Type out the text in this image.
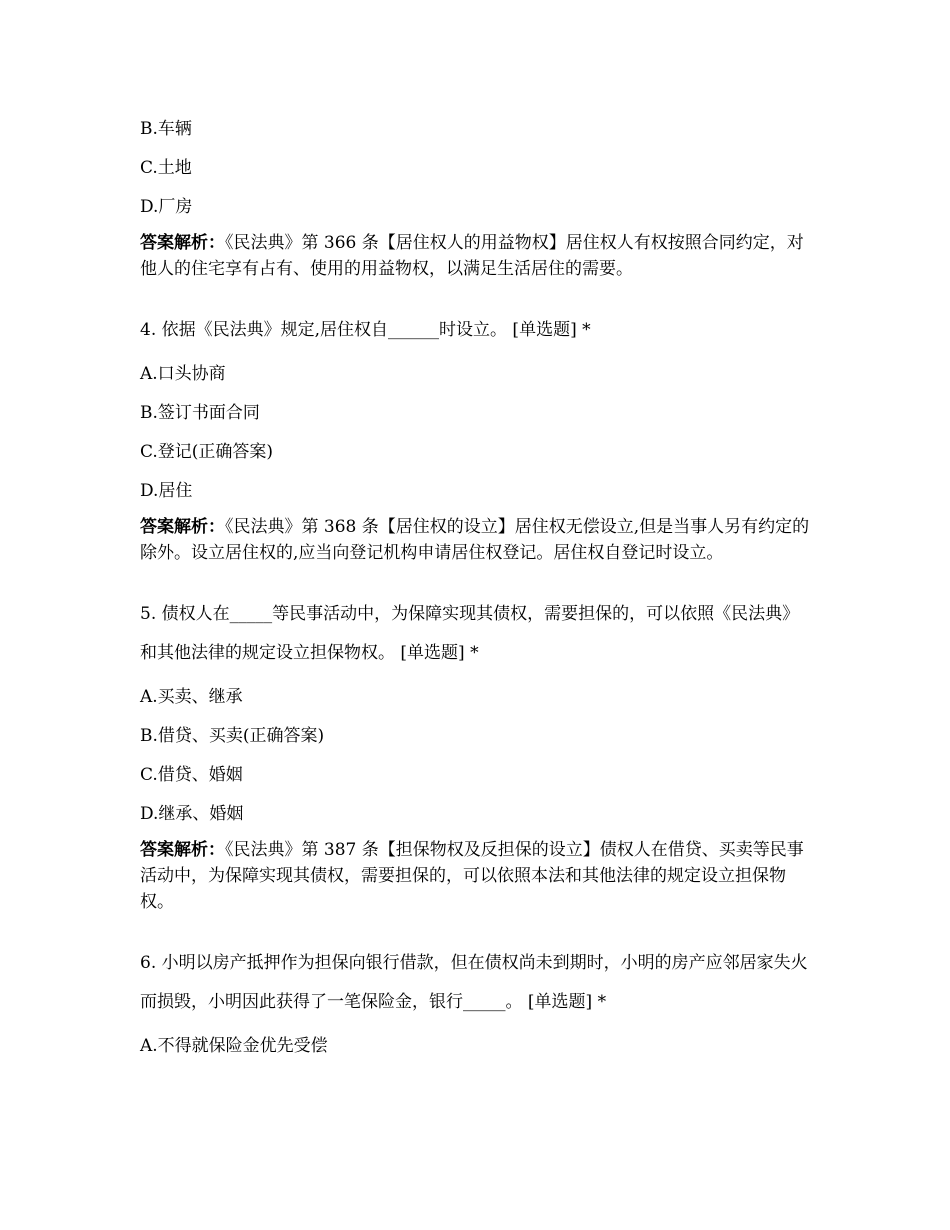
B.车辆
C.土地
D.厂房
答案解析：《民法典》第 366 条【居住权人的用益物权】居住权人有权按照合同约定，对他人的住宅享有占有、使用的用益物权，以满足生活居住的需要。
4. 依据《民法典》规定,居住权自______时设立。 [单选题] *
A.口头协商
B.签订书面合同
C.登记(正确答案)
D.居住
答案解析：《民法典》第 368 条【居住权的设立】居住权无偿设立,但是当事人另有约定的除外。设立居住权的,应当向登记机构申请居住权登记。居住权自登记时设立。
5. 债权人在_____等民事活动中，为保障实现其债权，需要担保的，可以依照《民法典》和其他法律的规定设立担保物权。 [单选题] *
A.买卖、继承
B.借贷、买卖(正确答案)
C.借贷、婚姻
D.继承、婚姻
答案解析：《民法典》第 387 条【担保物权及反担保的设立】债权人在借贷、买卖等民事活动中，为保障实现其债权，需要担保的，可以依照本法和其他法律的规定设立担保物权。
6. 小明以房产抵押作为担保向银行借款，但在债权尚未到期时，小明的房产应邻居家失火而损毁，小明因此获得了一笔保险金，银行_____。 [单选题] *
A.不得就保险金优先受偿
